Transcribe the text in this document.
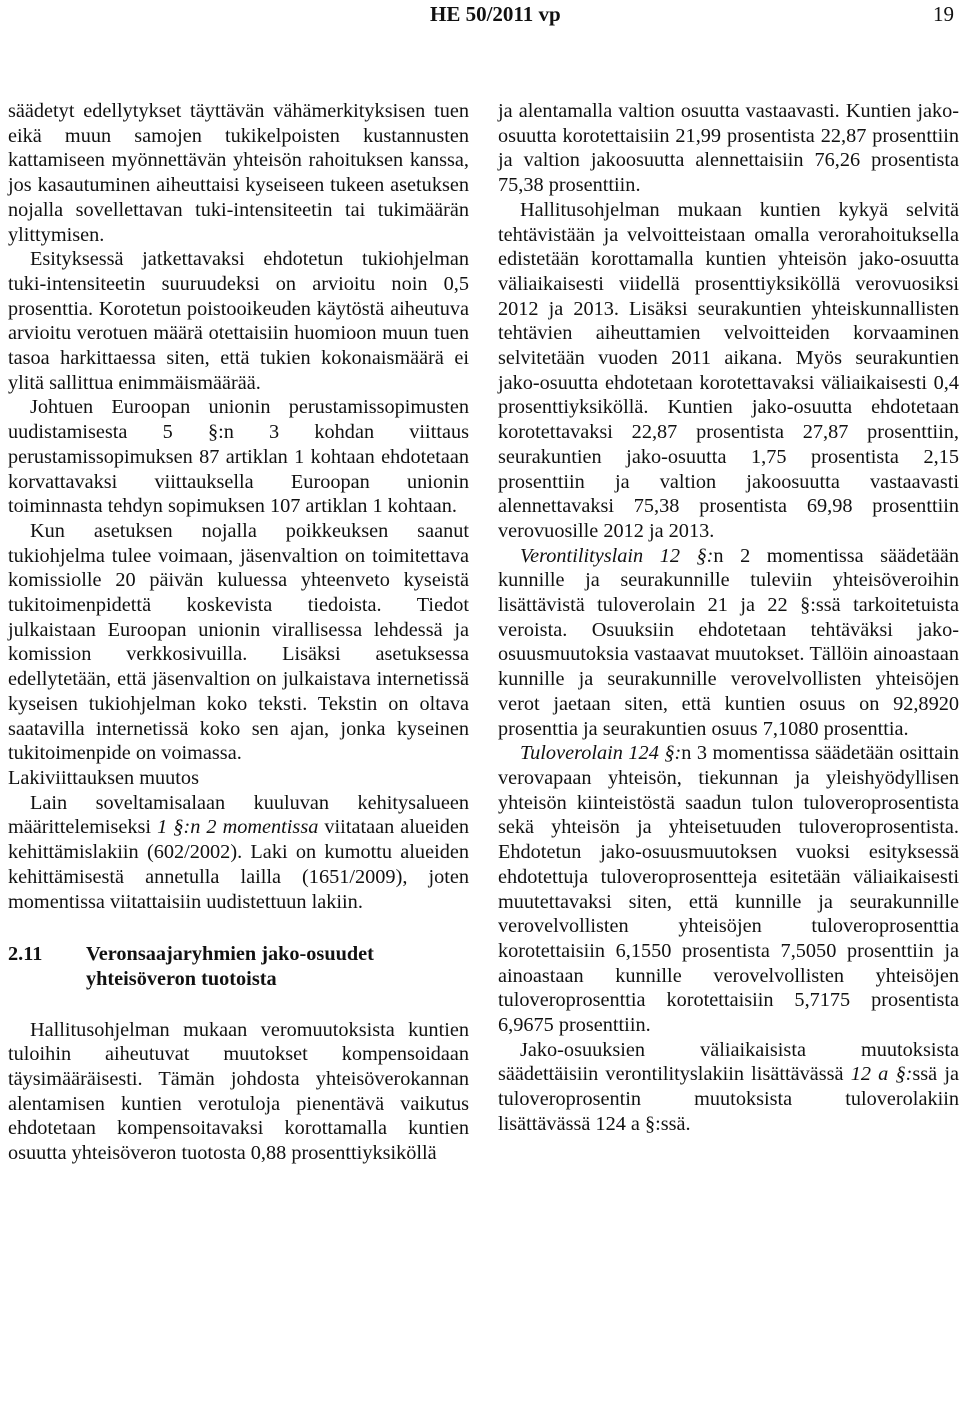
HE 50/2011 vp	19

säädetyt edellytykset täyttävän vähämerkityksisen tuen eikä muun samojen tukikelpoisten kustannusten kattamiseen myönnettävän yhteisön rahoituksen kanssa, jos kasautuminen aiheuttaisi kyseiseen tukeen asetuksen nojalla sovellettavan tuki-intensiteetin tai tukimäärän ylittymisen.

Esityksessä jatkettavaksi ehdotetun tukiohjelman tuki-intensiteetin suuruudeksi on arvioitu noin 0,5 prosenttia. Korotetun poistooikeuden käytöstä aiheutuva arvioitu verotuen määrä otettaisiin huomioon muun tuen tasoa harkittaessa siten, että tukien kokonaismäärä ei ylitä sallittua enimmäismäärää.

Johtuen Euroopan unionin perustamissopimusten uudistamisesta 5 §:n 3 kohdan viittaus perustamissopimuksen 87 artiklan 1 kohtaan ehdotetaan korvattavaksi viittauksella Euroopan unionin toiminnasta tehdyn sopimuksen 107 artiklan 1 kohtaan.

Kun asetuksen nojalla poikkeuksen saanut tukiohjelma tulee voimaan, jäsenvaltion on toimitettava komissiolle 20 päivän kuluessa yhteenveto kyseistä tukitoimenpidettä koskevista tiedoista. Tiedot julkaistaan Euroopan unionin virallisessa lehdessä ja komission verkkosivuilla. Lisäksi asetuksessa edellytetään, että jäsenvaltion on julkaistava internetissä kyseisen tukiohjelman koko teksti. Tekstin on oltava saatavilla internetissä koko sen ajan, jonka kyseinen tukitoimenpide on voimassa.

Lakiviittauksen muutos

Lain soveltamisalaan kuuluvan kehitysalueen määrittelemiseksi 1 §:n 2 momentissa viitataan alueiden kehittämislakiin (602/2002). Laki on kumottu alueiden kehittämisestä annetulla lailla (1651/2009), joten momentissa viitattaisiin uudistettuun lakiin.

2.11	Veronsaajaryhmien jako-osuudet yhteisöveron tuotoista

Hallitusohjelman mukaan veromuutoksista kuntien tuloihin aiheutuvat muutokset kompensoidaan täysimääräisesti. Tämän johdosta yhteisöverokannan alentamisen kuntien verotuloja pienentävä vaikutus ehdotetaan kompensoitavaksi korottamalla kuntien osuutta yhteisöveron tuotosta 0,88 prosenttiyksiköllä

ja alentamalla valtion osuutta vastaavasti. Kuntien jako-osuutta korotettaisiin 21,99 prosentista 22,87 prosenttiin ja valtion jakoosuutta alennettaisiin 76,26 prosentista 75,38 prosenttiin.

Hallitusohjelman mukaan kuntien kykyä selvitä tehtävistään ja velvoitteistaan omalla verorahoituksella edistetään korottamalla kuntien yhteisön jako-osuutta väliaikaisesti viidellä prosenttiyksiköllä verovuosiksi 2012 ja 2013. Lisäksi seurakuntien yhteiskunnallisten tehtävien aiheuttamien velvoitteiden korvaaminen selvitetään vuoden 2011 aikana. Myös seurakuntien jako-osuutta ehdotetaan korotettavaksi väliaikaisesti 0,4 prosenttiyksiköllä. Kuntien jako-osuutta ehdotetaan korotettavaksi 22,87 prosentista 27,87 prosenttiin, seurakuntien jako-osuutta 1,75 prosentista 2,15 prosenttiin ja valtion jakoosuutta vastaavasti alennettavaksi 75,38 prosentista 69,98 prosenttiin verovuosille 2012 ja 2013.

Verontilityslain 12 §:n 2 momentissa säädetään kunnille ja seurakunnille tuleviin yhteisöveroihin lisättävistä tuloverolain 21 ja 22 §:ssä tarkoitetuista veroista. Osuuksiin ehdotetaan tehtäväksi jako-osuusmuutoksia vastaavat muutokset. Tällöin ainoastaan kunnille ja seurakunnille verovelvollisten yhteisöjen verot jaetaan siten, että kuntien osuus on 92,8920 prosenttia ja seurakuntien osuus 7,1080 prosenttia.

Tuloverolain 124 §:n 3 momentissa säädetään osittain verovapaan yhteisön, tiekunnan ja yleishyödyllisen yhteisön kiinteistöstä saadun tulon tuloveroprosentista sekä yhteisön ja yhteisetuuden tuloveroprosentista. Ehdotetun jako-osuusmuutoksen vuoksi esityksessä ehdotettuja tuloveroprosentteja esitetään väliaikaisesti muutettavaksi siten, että kunnille ja seurakunnille verovelvollisten yhteisöjen tuloveroprosenttia korotettaisiin 6,1550 prosentista 7,5050 prosenttiin ja ainoastaan kunnille verovelvollisten yhteisöjen tuloveroprosenttia korotettaisiin 5,7175 prosentista 6,9675 prosenttiin.

Jako-osuuksien väliaikaisista muutoksista säädettäisiin verontilityslakiin lisättävässä 12 a §:ssä ja tuloveroprosentin muutoksista tuloverolakiin lisättävässä 124 a §:ssä.
